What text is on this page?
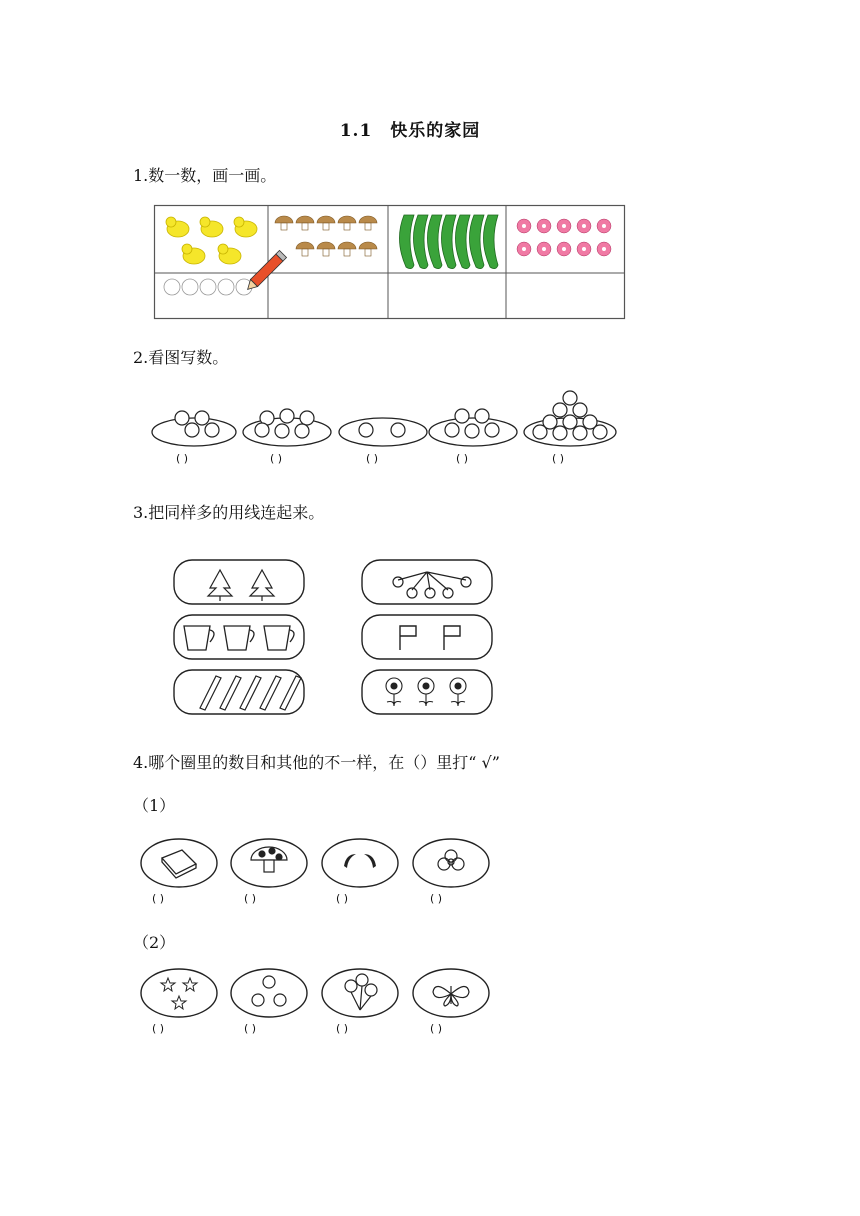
1.1　快乐的家园
1.数一数，画一画。
2.看图写数。
( )	( )	( )	( )	( )
3.把同样多的用线连起来。
4.哪个圈里的数目和其他的不一样，在（）里打“ √”
（1）
( )	( )	( )	( )
（2）
( )	( )	( )	( )
